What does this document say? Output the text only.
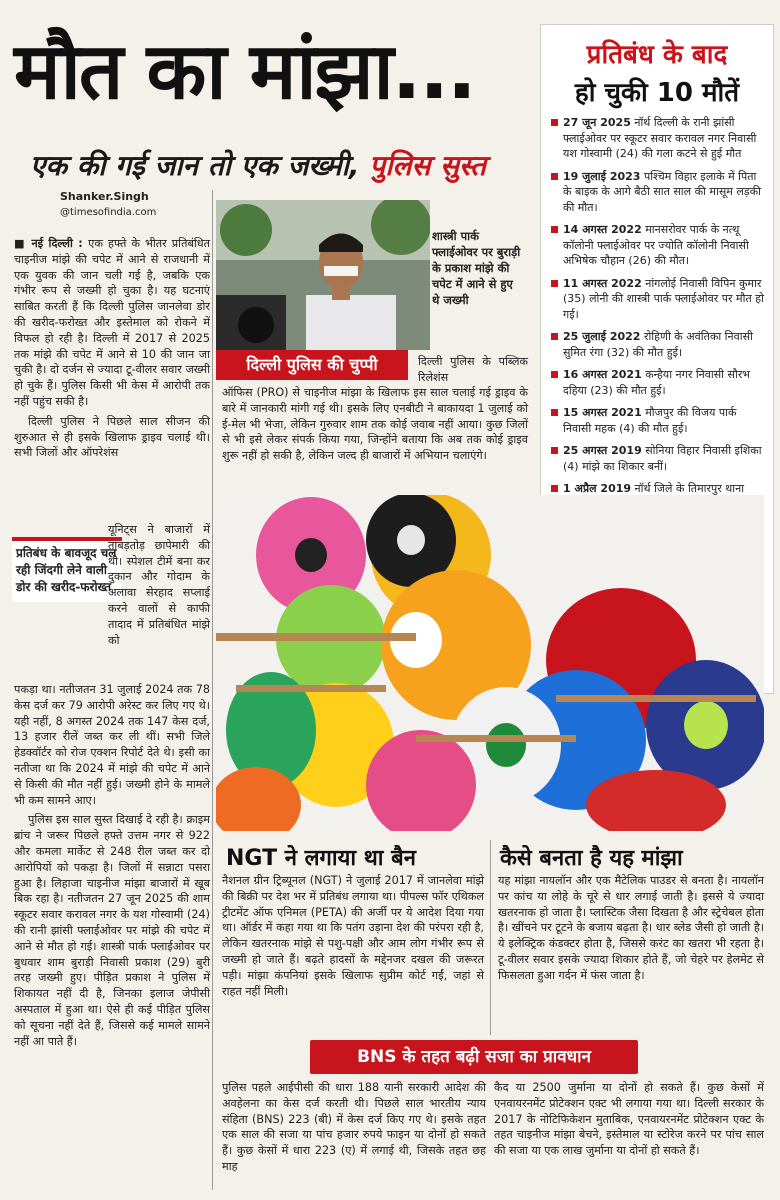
मौत का मांझा...
एक की गई जान तो एक जख्मी, पुलिस सुस्त
Shanker.Singh
@timesofindia.com

■ नई दिल्ली : एक हफ्ते के भीतर प्रतिबंधित चाइनीज मांझे की चपेट में आने से राजधानी में एक युवक की जान चली गई है, जबकि एक गंभीर रूप से जख्मी हो चुका है। यह घटनाएं साबित करती हैं कि दिल्ली पुलिस जानलेवा डोर की खरीद-फरोख्त और इस्तेमाल को रोकने में विफल हो रही है। दिल्ली में 2017 से 2025 तक मांझे की चपेट में आने से 10 की जान जा चुकी है। दो दर्जन से ज्यादा टू-वीलर सवार जख्मी हो चुके हैं। पुलिस किसी भी केस में आरोपी तक नहीं पहुंच सकी है।

दिल्ली पुलिस ने पिछले साल सीजन की शुरुआत से ही इसके खिलाफ ड्राइव चलाई थी। सभी जिलों और ऑपरेशंस

प्रतिबंध के बावजूद चल रही जिंदगी लेने वाली डोर की खरीद-फरोख्त

यूनिट्स ने बाजारों में ताबड़तोड़ छापेमारी की थी। स्पेशल टीमें बना कर दुकान और गोदाम के अलावा सेरहाद सप्लाई करने वालों से काफी तादाद में प्रतिबंधित मांझे को

पकड़ा था। नतीजतन 31 जुलाई 2024 तक 78 केस दर्ज कर 79 आरोपी अरेस्ट कर लिए गए थे। यही नहीं, 8 अगस्त 2024 तक 147 केस दर्ज, 13 हजार रीलें जब्त कर ली थीं। सभी जिले हेडक्वॉर्टर को रोज एक्शन रिपोर्ट देते थे। इसी का नतीजा था कि 2024 में मांझे की चपेट में आने से किसी की मौत नहीं हुई। जख्मी होने के मामले भी कम सामने आए।

पुलिस इस साल सुस्त दिखाई दे रही है। क्राइम ब्रांच ने जरूर पिछले हफ्ते उत्तम नगर से 922 और कमला मार्केट से 248 रील जब्त कर दो आरोपियों को पकड़ा है। जिलों में सन्नाटा पसरा हुआ है। लिहाजा चाइनीज मांझा बाजारों में खूब बिक रहा है। नतीजतन 27 जून 2025 की शाम स्कूटर सवार करावल नगर के यश गोस्वामी (24) की रानी झांसी फ्लाईओवर पर मांझे की चपेट में आने से मौत हो गई। शास्त्री पार्क फ्लाईओवर पर बुधवार शाम बुराड़ी निवासी प्रकाश (29) बुरी तरह जख्मी हुए। पीड़ित प्रकाश ने पुलिस में शिकायत नहीं दी है, जिनका इलाज जेपीसी अस्पताल में हुआ था। ऐसे ही कई पीड़ित पुलिस को सूचना नहीं देते हैं, जिससे कई मामले सामने नहीं आ पाते हैं।

शास्त्री पार्क फ्लाईओवर पर बुराड़ी के प्रकाश मांझे की चपेट में आने से हुए थे जख्मी
दिल्ली पुलिस की चुप्पी	दिल्ली पुलिस के पब्लिक रिलेशंस
ऑफिस (PRO) से चाइनीज मांझा के खिलाफ इस साल चलाई गई ड्राइव के बारे में जानकारी मांगी गई थी। इसके लिए एनबीटी ने बाकायदा 1 जुलाई को ई-मेल भी भेजा, लेकिन गुरुवार शाम तक कोई जवाब नहीं आया। कुछ जिलों से भी इसे लेकर संपर्क किया गया, जिन्होंने बताया कि अब तक कोई ड्राइव शुरू नहीं हो सकी है, लेकिन जल्द ही बाजारों में अभियान चलाएंगे।
प्रतिबंध के बाद
हो चुकी 10 मौतें
27 जून 2025 नॉर्थ दिल्ली के रानी झांसी फ्लाईओवर पर स्कूटर सवार करावल नगर निवासी यश गोस्वामी (24) की गला कटने से हुई मौत
19 जुलाई 2023 पश्चिम विहार इलाके में पिता के बाइक के आगे बैठी सात साल की मासूम लड़की की मौत।
14 अगस्त 2022 मानसरोवर पार्क के नत्थू कॉलोनी फ्लाईओवर पर ज्योति कॉलोनी निवासी अभिषेक चौहान (26) की मौत।
11 अगस्त 2022 नांगलोई निवासी विपिन कुमार (35) लोनी की शास्त्री पार्क फ्लाईओवर पर मौत हो गई।
25 जुलाई 2022 रोहिणी के अवंतिका निवासी सुमित रंगा (32) की मौत हुई।
16 अगस्त 2021 कन्हैया नगर निवासी सौरभ दहिया (23) की मौत हुई।
15 अगस्त 2021 मौजपुर की विजय पार्क निवासी महक (4) की मौत हुई।
25 अगस्त 2019 सोनिया विहार निवासी इशिका (4) मांझे का शिकार बनीं।
1 अप्रैल 2019 नॉर्थ जिले के तिमारपुर थाना
NGT ने लगाया था बैन
नैशनल ग्रीन ट्रिब्यूनल (NGT) ने जुलाई 2017 में जानलेवा मांझे की बिक्री पर देश भर में प्रतिबंध लगाया था। पीपल्स फॉर एथिकल ट्रीटमेंट ऑफ एनिमल (PETA) की अर्जी पर ये आदेश दिया गया था। ऑर्डर में कहा गया था कि पतंग उड़ाना देश की परंपरा रही है, लेकिन खतरनाक मांझे से पशु-पक्षी और आम लोग गंभीर रूप से जख्मी हो जाते हैं। बढ़ते हादसों के मद्देनजर दखल की जरूरत पड़ी। मांझा कंपनियां इसके खिलाफ सुप्रीम कोर्ट गईं, जहां से राहत नहीं मिली।
कैसे बनता है यह मांझा
यह मांझा नायलॉन और एक मैटेलिक पाउडर से बनता है। नायलॉन पर कांच या लोहे के चूरे से धार लगाई जाती है। इससे ये ज्यादा खतरनाक हो जाता है। प्लास्टिक जैसा दिखता है और स्ट्रेचेबल होता है। खींचने पर टूटने के बजाय बढ़ता है। धार ब्लेड जैसी हो जाती है। ये इलेक्ट्रिक कंडक्टर होता है, जिससे करंट का खतरा भी रहता है। टू-वीलर सवार इसके ज्यादा शिकार होते हैं, जो चेहरे पर हेलमेट से फिसलता हुआ गर्दन में फंस जाता है।
BNS के तहत बढ़ी सजा का प्रावधान
पुलिस पहले आईपीसी की धारा 188 यानी सरकारी आदेश की अवहेलना का केस दर्ज करती थी। पिछले साल भारतीय न्याय संहिता (BNS) 223 (बी) में केस दर्ज किए गए थे। इसके तहत एक साल की सजा या पांच हजार रुपये फाइन या दोनों हो सकते हैं। कुछ केसों में धारा 223 (ए) में लगाई थी, जिसके तहत छह माह
कैद या 2500 जुर्माना या दोनों हो सकते हैं। कुछ केसों में एनवायरनमेंट प्रोटेक्शन एक्ट भी लगाया गया था। दिल्ली सरकार के 2017 के नोटिफिकेशन मुताबिक, एनवायरनमेंट प्रोटेक्शन एक्ट के तहत चाइनीज मांझा बेचने, इस्तेमाल या स्टोरेज करने पर पांच साल की सजा या एक लाख जुर्माना या दोनों हो सकते हैं।
